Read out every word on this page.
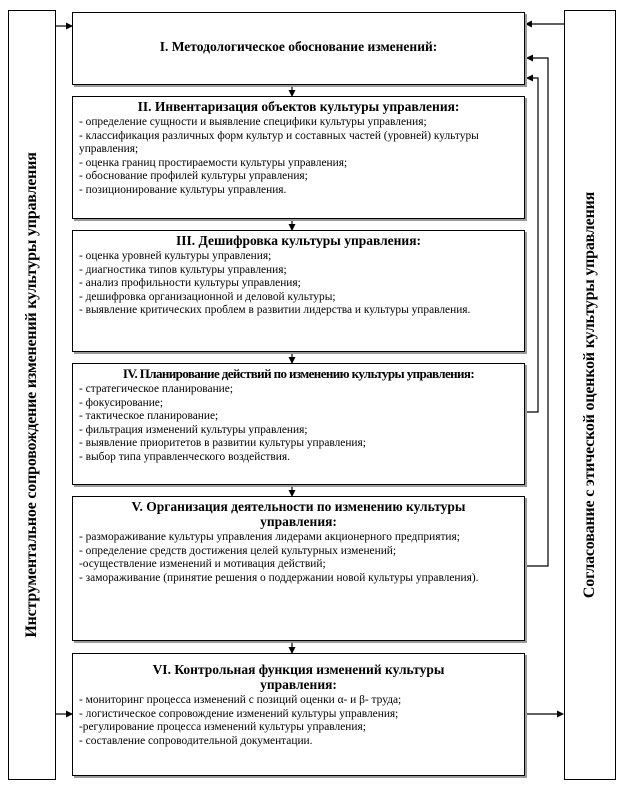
Инструментальное сопровождение изменений культуры управления	Согласование с этической оценкой культуры управления
I. Методологическое обоснование изменений:
II. Инвентаризация объектов культуры управления:
- определение сущности и выявление специфики культуры управления;
- классификация различных форм культур и составных частей (уровней) культуры управления;
- оценка границ простираемости культуры управления;
- обоснование профилей культуры управления;
- позиционирование культуры управления.
III. Дешифровка культуры управления:
- оценка уровней культуры управления;
- диагностика типов культуры управления;
- анализ профильности культуры управления;
- дешифровка организационной и деловой культуры;
- выявление критических проблем в развитии лидерства и культуры управления.
IV. Планирование действий по изменению культуры управления:
- стратегическое планирование;
- фокусирование;
- тактическое планирование;
- фильтрация изменений культуры управления;
- выявление приоритетов в развитии культуры управления;
- выбор типа управленческого воздействия.
V. Организация деятельности по изменению культуры управления:
- размораживание культуры управления лидерами акционерного предприятия;
- определение средств достижения целей культурных изменений;
-осуществление изменений и мотивация действий;
- замораживание (принятие решения о поддержании новой культуры управления).
VI. Контрольная функция изменений культуры управления:
- мониторинг процесса изменений с позиций оценки α- и β- труда;
- логистическое сопровождение изменений культуры управления;
-регулирование процесса изменений культуры управления;
- составление сопроводительной документации.
